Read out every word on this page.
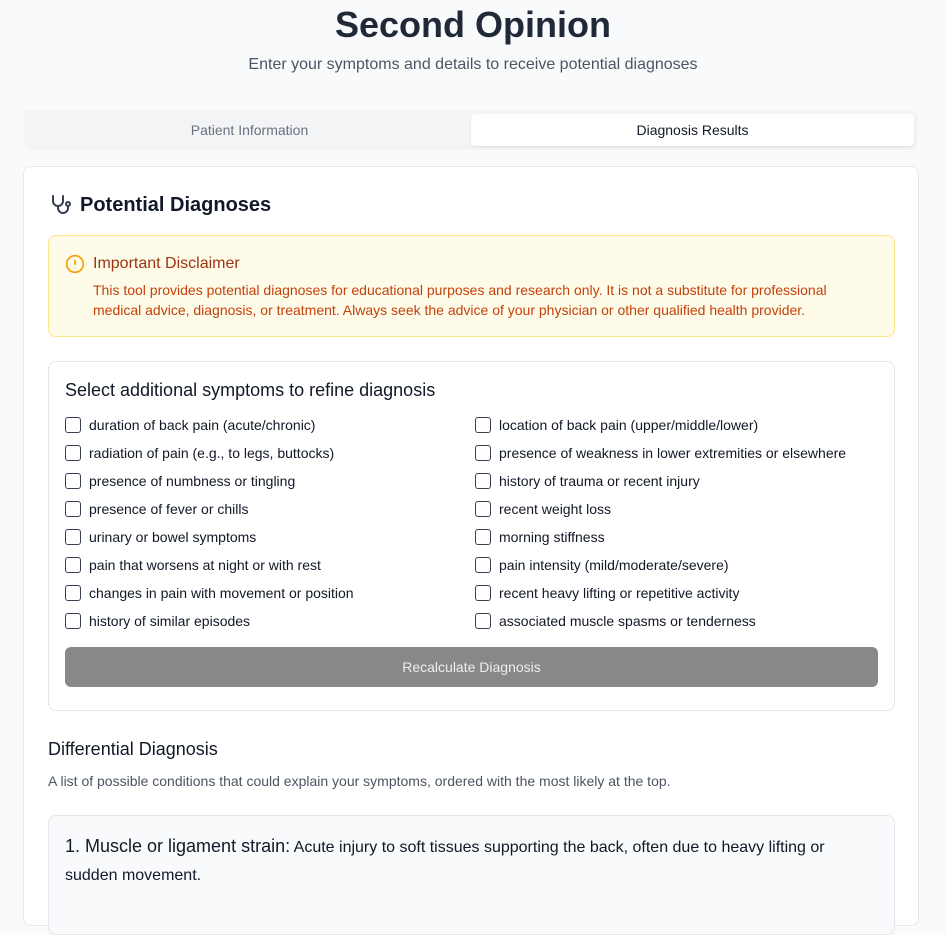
Second Opinion
Enter your symptoms and details to receive potential diagnoses
Patient Information	Diagnosis Results
Potential Diagnoses
Important Disclaimer
This tool provides potential diagnoses for educational purposes and research only. It is not a substitute for professional medical advice, diagnosis, or treatment. Always seek the advice of your physician or other qualified health provider.
Select additional symptoms to refine diagnosis
duration of back pain (acute/chronic)	location of back pain (upper/middle/lower)
radiation of pain (e.g., to legs, buttocks)	presence of weakness in lower extremities or elsewhere
presence of numbness or tingling	history of trauma or recent injury
presence of fever or chills	recent weight loss
urinary or bowel symptoms	morning stiffness
pain that worsens at night or with rest	pain intensity (mild/moderate/severe)
changes in pain with movement or position	recent heavy lifting or repetitive activity
history of similar episodes	associated muscle spasms or tenderness
Recalculate Diagnosis
Differential Diagnosis
A list of possible conditions that could explain your symptoms, ordered with the most likely at the top.
1. Muscle or ligament strain: Acute injury to soft tissues supporting the back, often due to heavy lifting or sudden movement.
